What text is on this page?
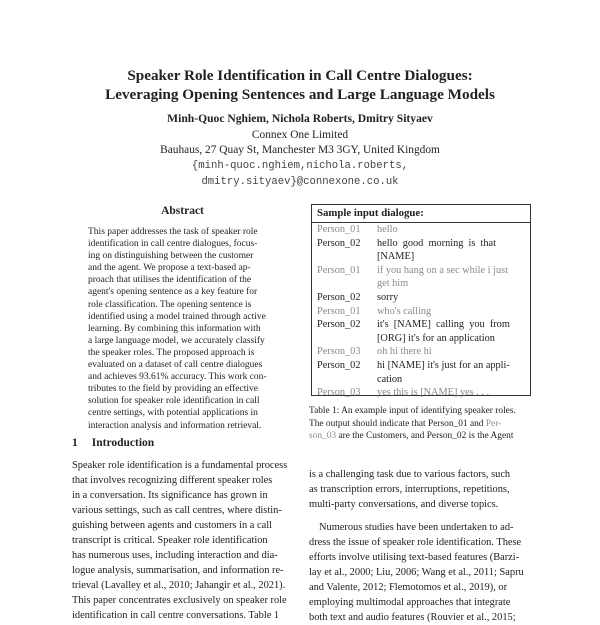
Speaker Role Identification in Call Centre Dialogues:
Leveraging Opening Sentences and Large Language Models
Minh-Quoc Nghiem, Nichola Roberts, Dmitry Sityaev
Connex One Limited
Bauhaus, 27 Quay St, Manchester M3 3GY, United Kingdom
{minh-quoc.nghiem,nichola.roberts,
dmitry.sityaev}@connexone.co.uk
Abstract
This paper addresses the task of speaker role
identification in call centre dialogues, focus-
ing on distinguishing between the customer
and the agent. We propose a text-based ap-
proach that utilises the identification of the
agent's opening sentence as a key feature for
role classification. The opening sentence is
identified using a model trained through active
learning. By combining this information with
a large language model, we accurately classify
the speaker roles. The proposed approach is
evaluated on a dataset of call centre dialogues
and achieves 93.61% accuracy. This work con-
tributes to the field by providing an effective
solution for speaker role identification in call
centre settings, with potential applications in
interaction analysis and information retrieval.
1 Introduction
Speaker role identification is a fundamental process
that involves recognizing different speaker roles
in a conversation. Its significance has grown in
various settings, such as call centres, where distin-
guishing between agents and customers in a call
transcript is critical. Speaker role identification
has numerous uses, including interaction and dia-
logue analysis, summarisation, and information re-
trieval (Lavalley et al., 2010; Jahangir et al., 2021).
This paper concentrates exclusively on speaker role
identification in call centre conversations. Table 1
Sample input dialogue:
Person_01	hello
Person_02	hello  good  morning  is  that
[NAME]
Person_01	if you hang on a sec while i just
get him
Person_02	sorry
Person_01	who's calling
Person_02	it's  [NAME]  calling  you  from
[ORG] it's for an application
Person_03	oh hi there hi
Person_02	hi [NAME] it's just for an appli-
cation
Person_03	yes this is [NAME] yes . . .
Table 1: An example input of identifying speaker roles.
The output should indicate that Person_01 and Per-
son_03 are the Customers, and Person_02 is the Agent
is a challenging task due to various factors, such
as transcription errors, interruptions, repetitions,
multi-party conversations, and diverse topics.
Numerous studies have been undertaken to ad-
dress the issue of speaker role identification. These
efforts involve utilising text-based features (Barzi-
lay et al., 2000; Liu, 2006; Wang et al., 2011; Sapru
and Valente, 2012; Flemotomos et al., 2019), or
employing multimodal approaches that integrate
both text and audio features (Rouvier et al., 2015;
